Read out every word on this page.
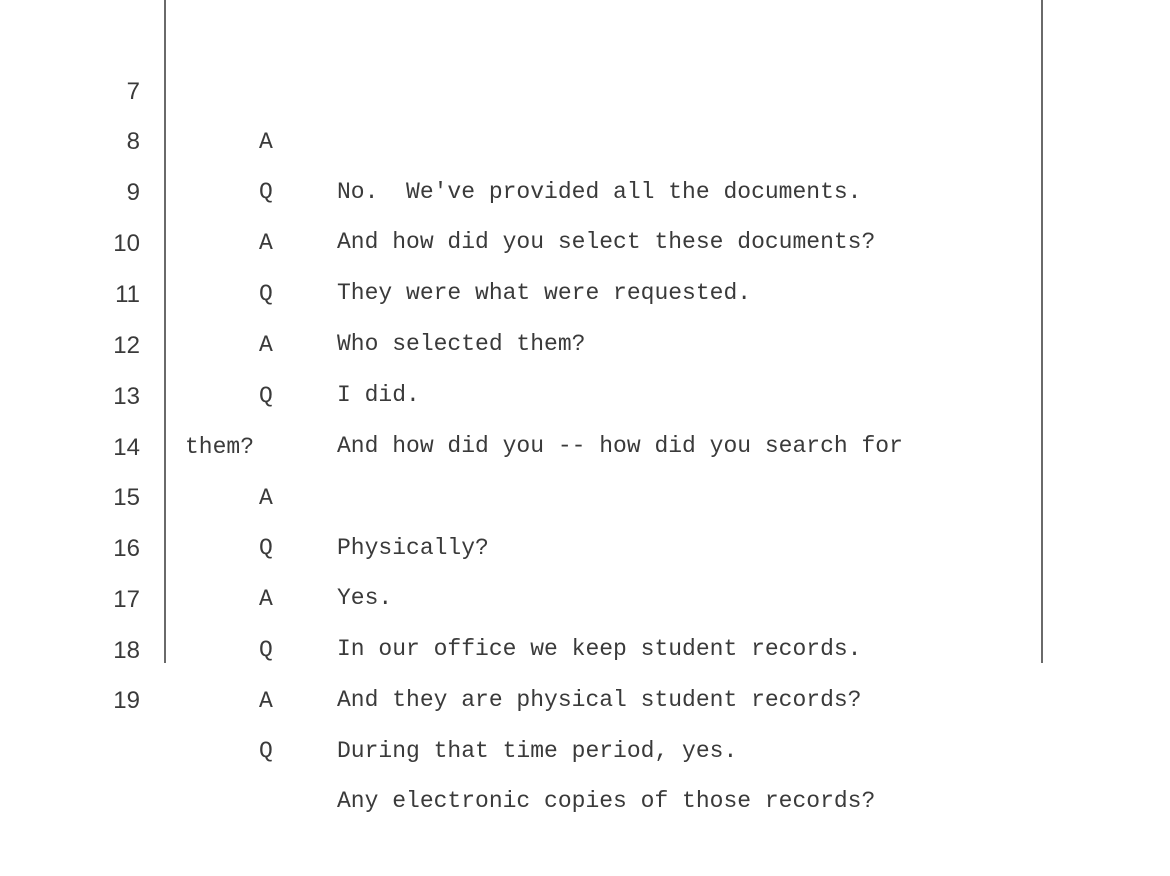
7

A

No.  We've provided all the documents.

8

Q

And how did you select these documents?

9

A

They were what were requested.

10

Q

Who selected them?

11

A

I did.

12

Q

And how did you -- how did you search for

13

them?

14

A

Physically?

15

Q

Yes.

16

A

In our office we keep student records.

17

Q

And they are physical student records?

18

A

During that time period, yes.

19

Q

Any electronic copies of those records?
